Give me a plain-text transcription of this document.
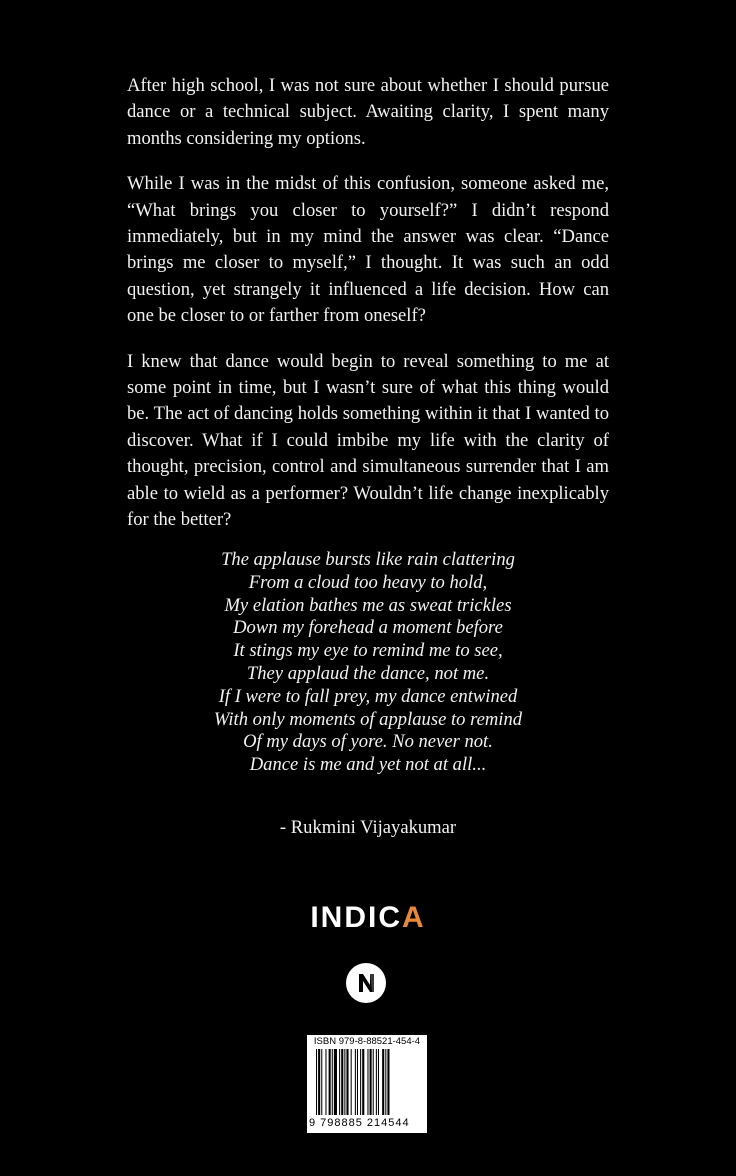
After high school, I was not sure about whether I should pursue dance or a technical subject. Awaiting clarity, I spent many months considering my options.

While I was in the midst of this confusion, someone asked me, “What brings you closer to yourself?” I didn’t respond immediately, but in my mind the answer was clear. “Dance brings me closer to myself,” I thought. It was such an odd question, yet strangely it influenced a life decision. How can one be closer to or farther from oneself?

I knew that dance would begin to reveal something to me at some point in time, but I wasn’t sure of what this thing would be. The act of dancing holds something within it that I wanted to discover. What if I could imbibe my life with the clarity of thought, precision, control and simultaneous surrender that I am able to wield as a performer? Wouldn’t life change inexplicably for the better?

The applause bursts like rain clattering
From a cloud too heavy to hold,
My elation bathes me as sweat trickles
Down my forehead a moment before
It stings my eye to remind me to see,
They applaud the dance, not me.
If I were to fall prey, my dance entwined
With only moments of applause to remind
Of my days of yore. No never not.
Dance is me and yet not at all...
- Rukmini Vijayakumar
INDICA
ISBN 979-8-88521-454-4
9 798885 214544
